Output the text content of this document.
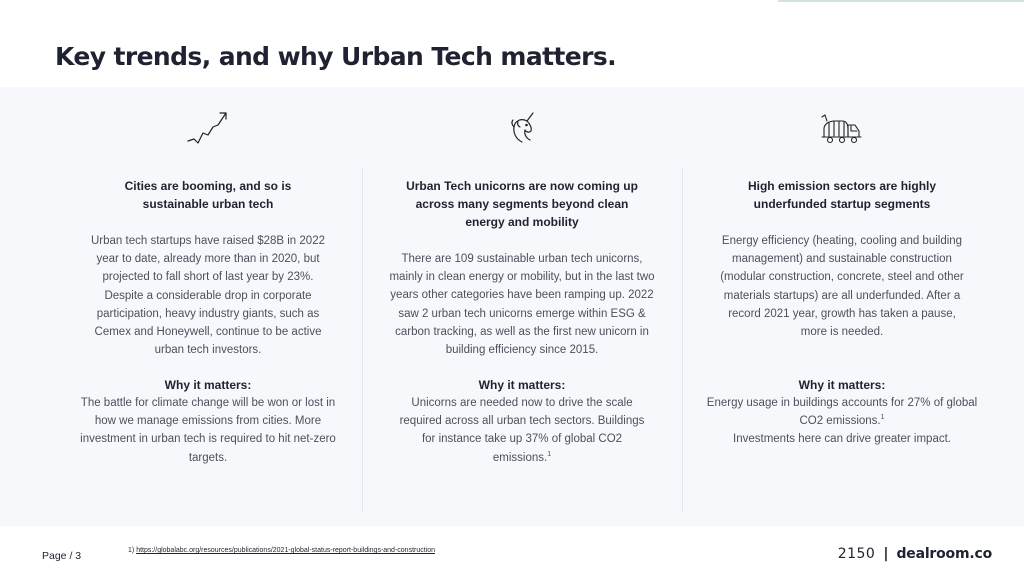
Key trends, and why Urban Tech matters.
Cities are booming, and so is sustainable urban tech
Urban tech startups have raised $28B in 2022 year to date, already more than in 2020, but projected to fall short of last year by 23%. Despite a considerable drop in corporate participation, heavy industry giants, such as Cemex and Honeywell, continue to be active urban tech investors.
Why it matters:
The battle for climate change will be won or lost in how we manage emissions from cities. More investment in urban tech is required to hit net-zero targets.
Urban Tech unicorns are now coming up across many segments beyond clean energy and mobility
There are 109 sustainable urban tech unicorns, mainly in clean energy or mobility, but in the last two years other categories have been ramping up. 2022 saw 2 urban tech unicorns emerge within ESG & carbon tracking, as well as the first new unicorn in building efficiency since 2015.
Why it matters:
Unicorns are needed now to drive the scale required across all urban tech sectors. Buildings for instance take up 37% of global CO2 emissions.$^1$
High emission sectors are highly underfunded startup segments
Energy efficiency (heating, cooling and building management) and sustainable construction (modular construction, concrete, steel and other materials startups) are all underfunded. After a record 2021 year, growth has taken a pause, more is needed.
Why it matters:
Energy usage in buildings accounts for 27% of global CO2 emissions.$^1$
Investments here can drive greater impact.
Page / 3	1) https://globalabc.org/resources/publications/2021-global-status-report-buildings-and-construction	2150 | dealroom.co
